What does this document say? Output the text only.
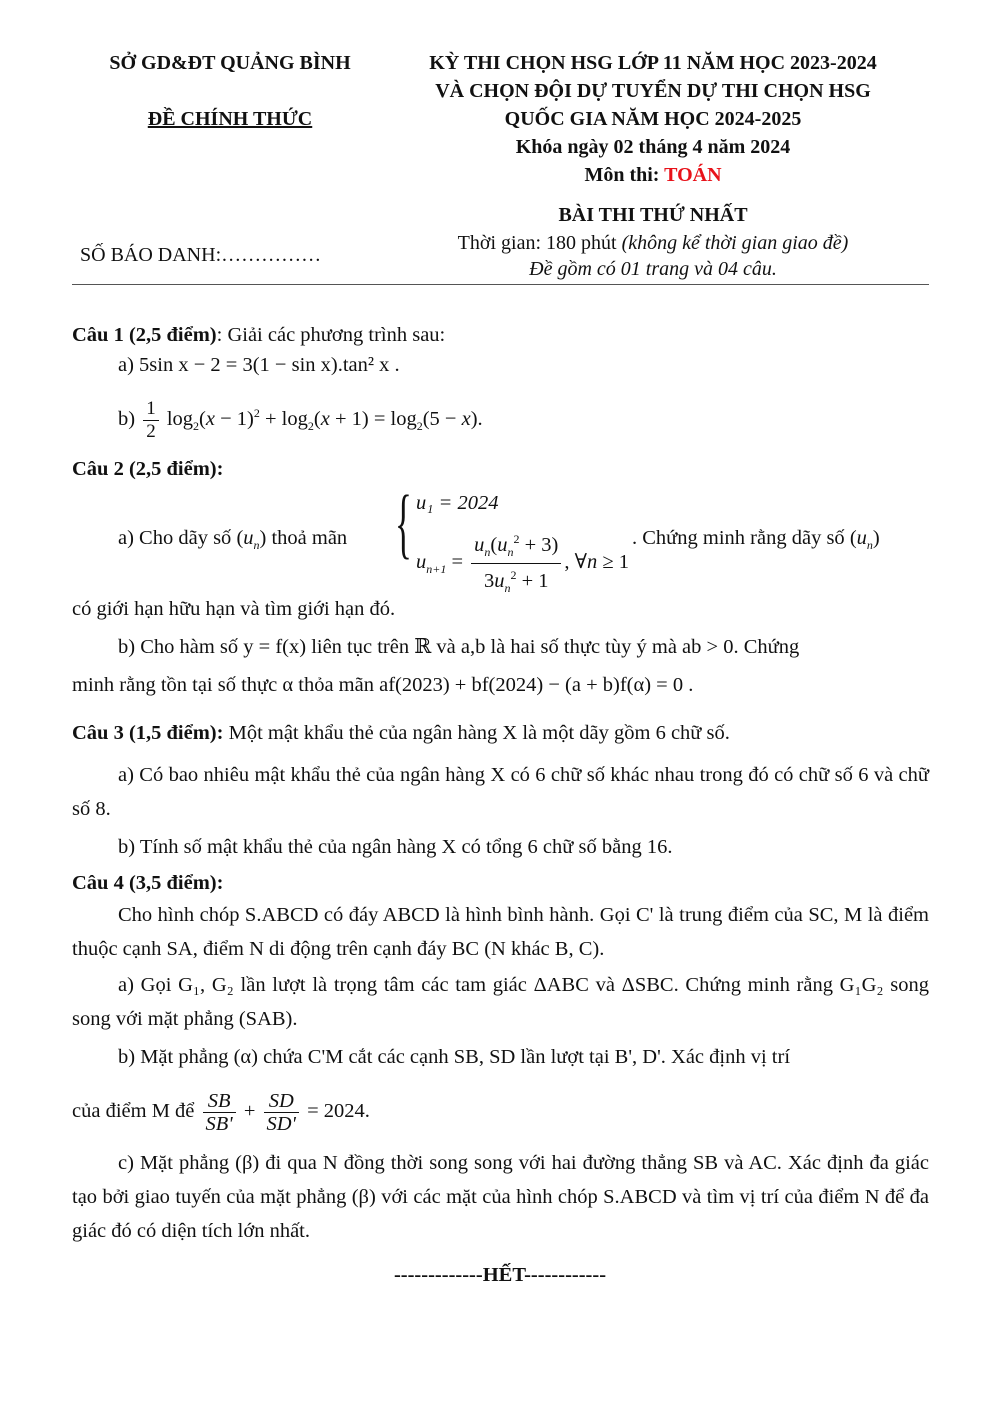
SỞ GD&ĐT QUẢNG BÌNH
ĐỀ CHÍNH THỨC
SỐ BÁO DANH:……………
KỲ THI CHỌN HSG LỚP 11 NĂM HỌC 2023-2024
VÀ CHỌN ĐỘI DỰ TUYỂN DỰ THI CHỌN HSG
QUỐC GIA NĂM HỌC 2024-2025
Khóa ngày 02 tháng 4 năm 2024
Môn thi: TOÁN
BÀI THI THỨ NHẤT
Thời gian: 180 phút (không kể thời gian giao đề)
Đề gồm có 01 trang và 04 câu.
Câu 1 (2,5 điểm): Giải các phương trình sau:
a) 5sin x − 2 = 3(1 − sin x).tan² x .
$b) \frac{1}{2} \log_2(x - 1)^2 + \log_2(x + 1) = \log_2(5 - x)$.
Câu 2 (2,5 điểm):
a) Cho dãy số $(u_n)$ thoả mãn { u₁ = 2024
$u_{n+1} = \frac{u_n(u_n^2 + 3)}{3u_n^2 + 1}$ , ∀n ≥ 1
. Chứng minh rằng dãy số $(u_n)$
có giới hạn hữu hạn và tìm giới hạn đó.
b) Cho hàm số y = f(x) liên tục trên ℝ và a,b là hai số thực tùy ý mà ab > 0. Chứng
minh rằng tồn tại số thực α thỏa mãn af(2023) + bf(2024) − (a + b)f(α) = 0 .
Câu 3 (1,5 điểm): Một mật khẩu thẻ của ngân hàng X là một dãy gồm 6 chữ số.
a) Có bao nhiêu mật khẩu thẻ của ngân hàng X có 6 chữ số khác nhau trong đó có chữ số 6 và chữ số 8.
b) Tính số mật khẩu thẻ của ngân hàng X có tổng 6 chữ số bằng 16.
Câu 4 (3,5 điểm):
Cho hình chóp S.ABCD có đáy ABCD là hình bình hành. Gọi C' là trung điểm của SC, M là điểm thuộc cạnh SA, điểm N di động trên cạnh đáy BC (N khác B, C).
a) Gọi G₁, G₂ lần lượt là trọng tâm các tam giác ΔABC và ΔSBC. Chứng minh rằng G₁G₂ song song với mặt phẳng (SAB).
b) Mặt phẳng (α) chứa C'M cắt các cạnh SB, SD lần lượt tại B', D'. Xác định vị trí
của điểm M để $\frac{SB}{SB'} + \frac{SD}{SD'} = 2024$.
c) Mặt phẳng (β) đi qua N đồng thời song song với hai đường thẳng SB và AC. Xác định đa giác tạo bởi giao tuyến của mặt phẳng (β) với các mặt của hình chóp S.ABCD và tìm vị trí của điểm N để đa giác đó có diện tích lớn nhất.
-------------HẾT------------
